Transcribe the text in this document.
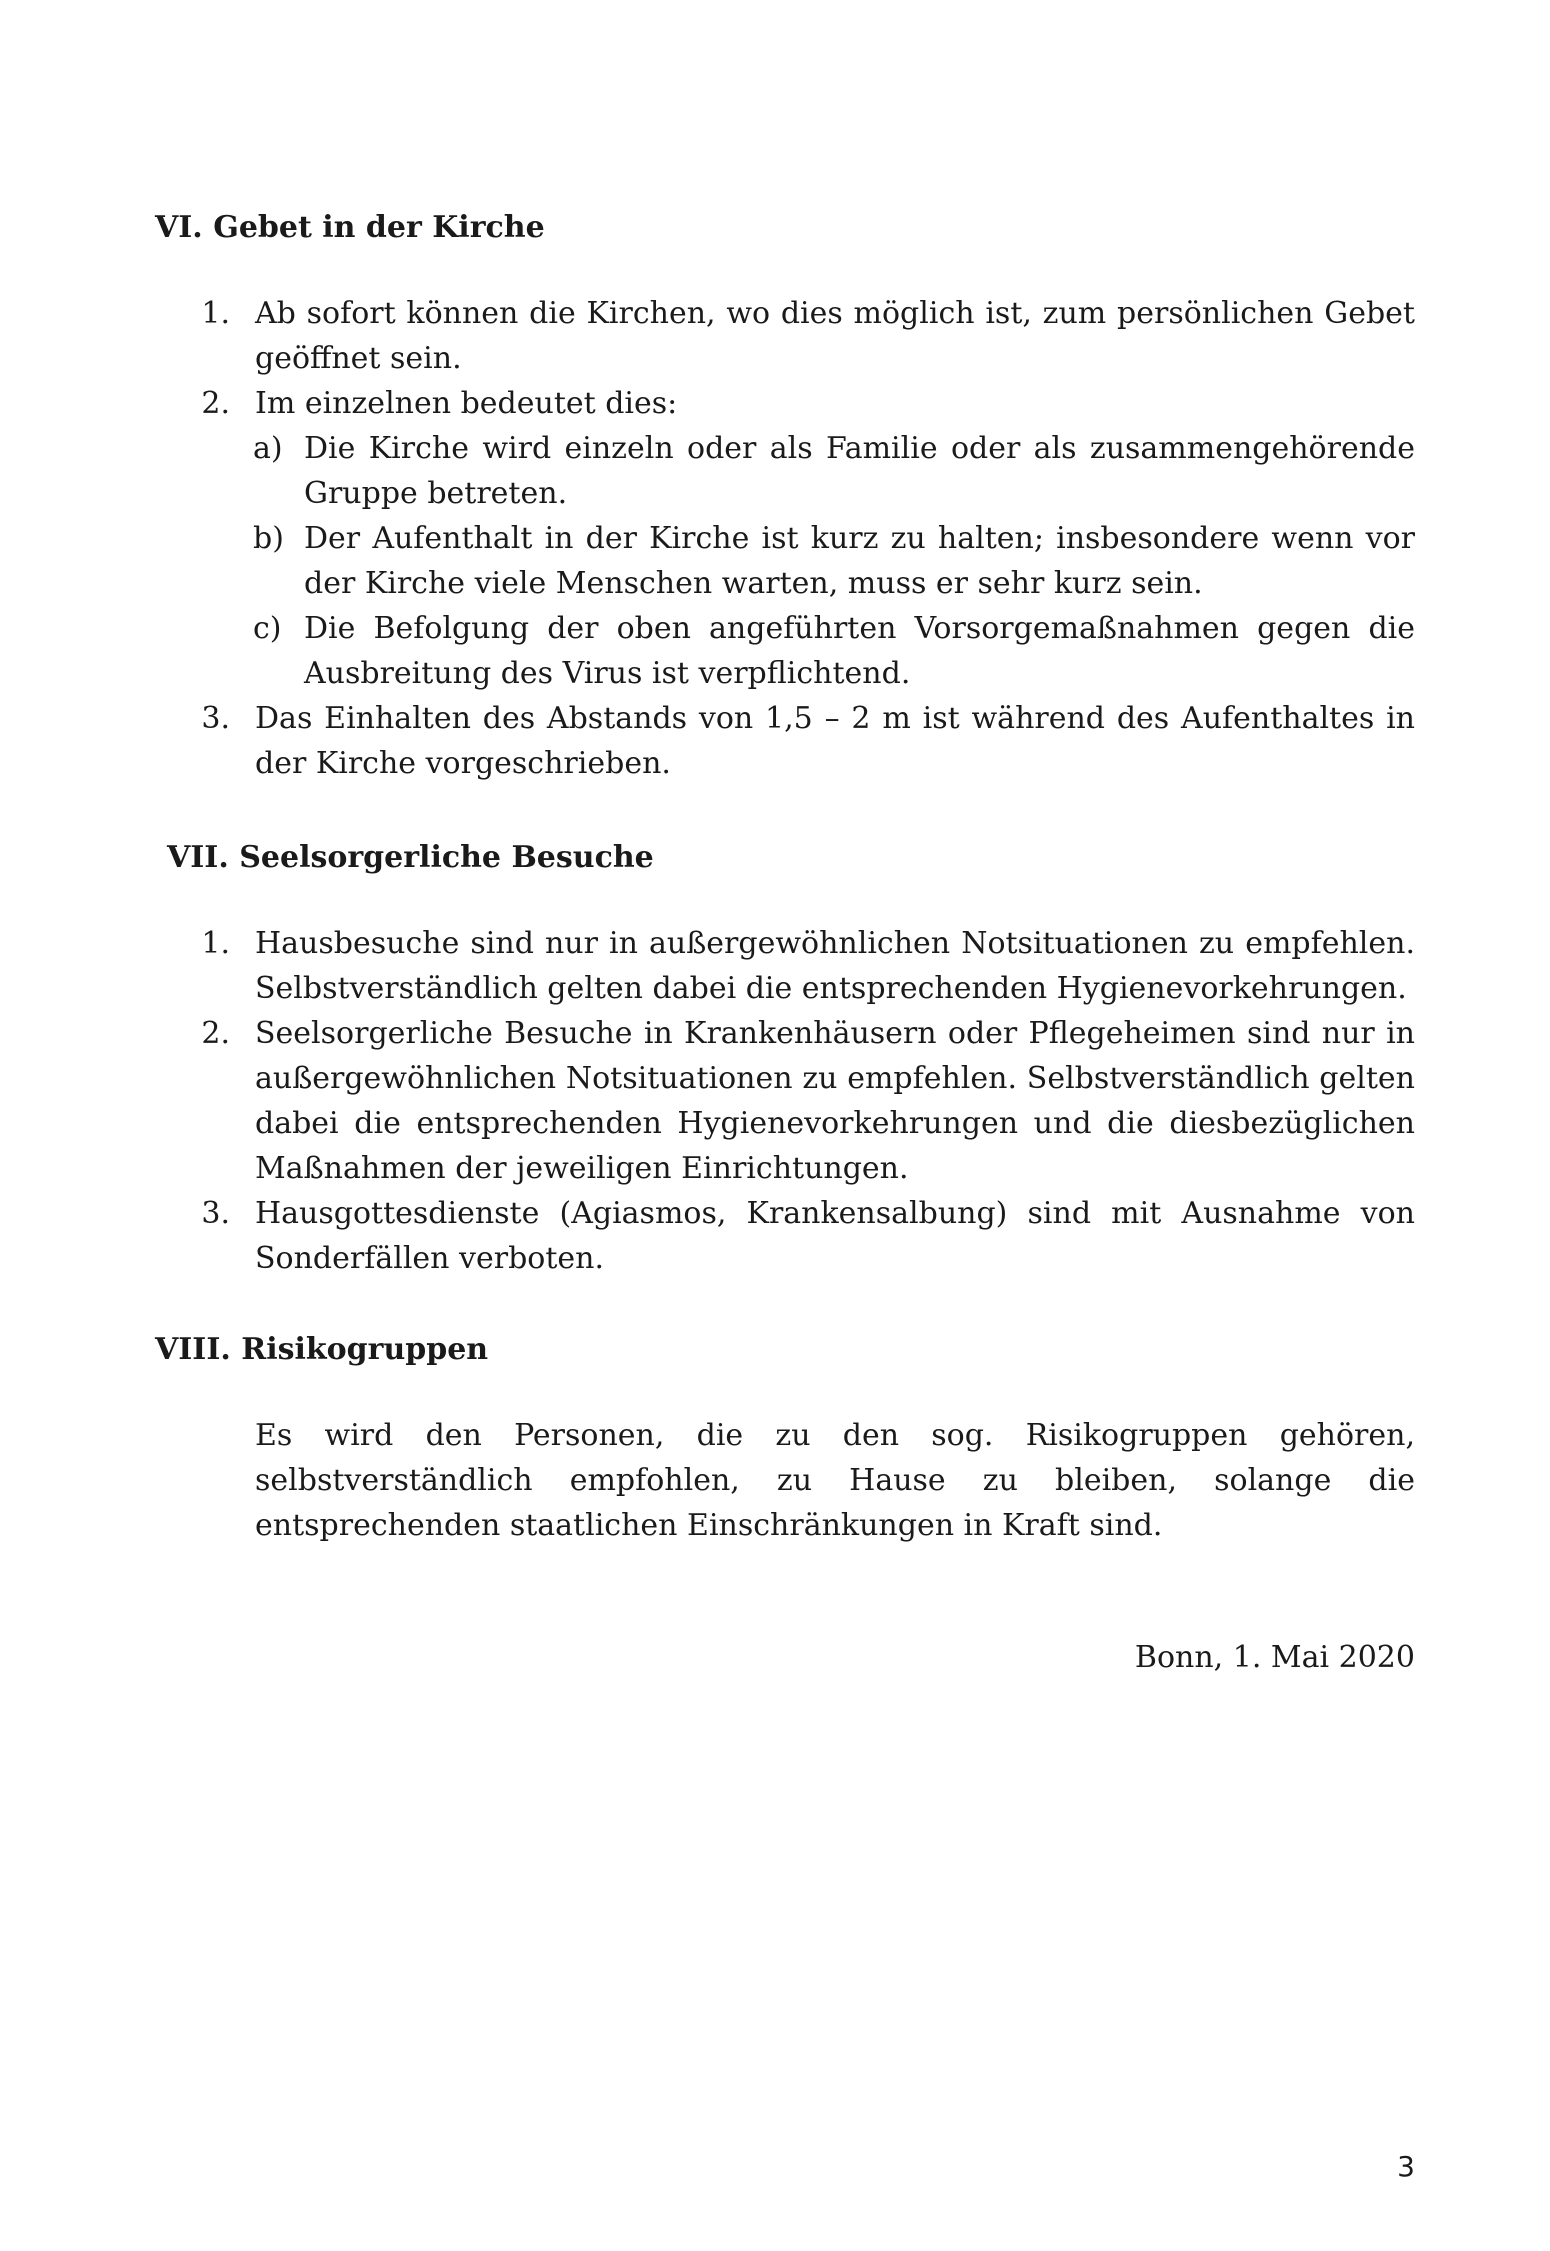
VI. Gebet in der Kirche
1. Ab sofort können die Kirchen, wo dies möglich ist, zum persönlichen Gebet geöffnet sein.
2. Im einzelnen bedeutet dies:
a) Die Kirche wird einzeln oder als Familie oder als zusammengehörende Gruppe betreten.
b) Der Aufenthalt in der Kirche ist kurz zu halten; insbesondere wenn vor der Kirche viele Menschen warten, muss er sehr kurz sein.
c) Die Befolgung der oben angeführten Vorsorgemaßnahmen gegen die Ausbreitung des Virus ist verpflichtend.
3. Das Einhalten des Abstands von 1,5 – 2 m ist während des Aufenthaltes in der Kirche vorgeschrieben.
VII. Seelsorgerliche Besuche
1. Hausbesuche sind nur in außergewöhnlichen Notsituationen zu empfehlen. Selbstverständlich gelten dabei die entsprechenden Hygienevorkehrungen.
2. Seelsorgerliche Besuche in Krankenhäusern oder Pflegeheimen sind nur in außergewöhnlichen Notsituationen zu empfehlen. Selbstverständlich gelten dabei die entsprechenden Hygienevorkehrungen und die diesbezüglichen Maßnahmen der jeweiligen Einrichtungen.
3. Hausgottesdienste (Agiasmos, Krankensalbung) sind mit Ausnahme von Sonderfällen verboten.
VIII. Risikogruppen
Es wird den Personen, die zu den sog. Risikogruppen gehören, selbstverständlich empfohlen, zu Hause zu bleiben, solange die entsprechenden staatlichen Einschränkungen in Kraft sind.
Bonn, 1. Mai 2020
3
